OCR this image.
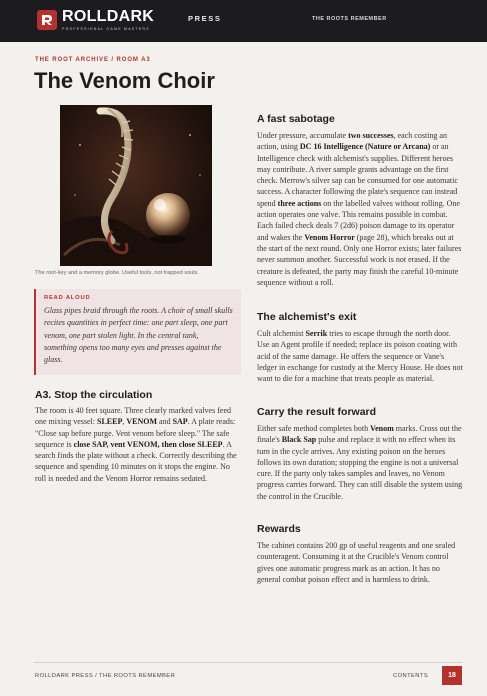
ROLLDARK
PROFESSIONAL GAME MASTERS
PRESS	THE ROOTS REMEMBER
THE ROOT ARCHIVE / ROOM A3
The Venom Choir
The root-key and a memory globe. Useful tools, not trapped souls.
READ ALOUD
Glass pipes braid through the roots. A choir of small skulls recites quantities in perfect time: one part sleep, one part venom, one part stolen light. In the central tank, something opens too many eyes and presses against the glass.
A3. Stop the circulation

The room is 40 feet square. Three clearly marked valves feed one mixing vessel: SLEEP, VENOM and SAP. A plate reads: "Close sap before purge. Vent venom before sleep." The safe sequence is close SAP, vent VENOM, then close SLEEP. A search finds the plate without a check. Correctly describing the sequence and spending 10 minutes on it stops the engine. No roll is needed and the Venom Horror remains sedated.

A fast sabotage

Under pressure, accumulate two successes, each costing an action, using DC 16 Intelligence (Nature or Arcana) or an Intelligence check with alchemist's supplies. Different heroes may contribute. A river sample grants advantage on the first check. Merrow's silver sap can be consumed for one automatic success. A character following the plate's sequence can instead spend three actions on the labelled valves without rolling. One action operates one valve. This remains possible in combat. Each failed check deals 7 (2d6) poison damage to its operator and wakes the Venom Horror (page 28), which breaks out at the start of the next round. Only one Horror exists; later failures never summon another. Successful work is not erased. If the creature is defeated, the party may finish the careful 10-minute sequence without a roll.

The alchemist's exit

Cult alchemist Serrik tries to escape through the north door. Use an Agent profile if needed; replace its poison coating with acid of the same damage. He offers the sequence or Vane's ledger in exchange for custody at the Mercy House. He does not want to die for a machine that treats people as material.

Carry the result forward

Either safe method completes both Venom marks. Cross out the finale's Black Sap pulse and replace it with no effect when its turn in the cycle arrives. Any existing poison on the heroes follows its own duration; stopping the engine is not a universal cure. If the party only takes samples and leaves, no Venom progress carries forward. They can still disable the system using the control in the Crucible.

Rewards

The cabinet contains 200 gp of useful reagents and one sealed counteragent. Consuming it at the Crucible's Venom control gives one automatic progress mark as an action. It has no general combat poison effect and is harmless to drink.

ROLLDARK PRESS / THE ROOTS REMEMBER	CONTENTS	18
